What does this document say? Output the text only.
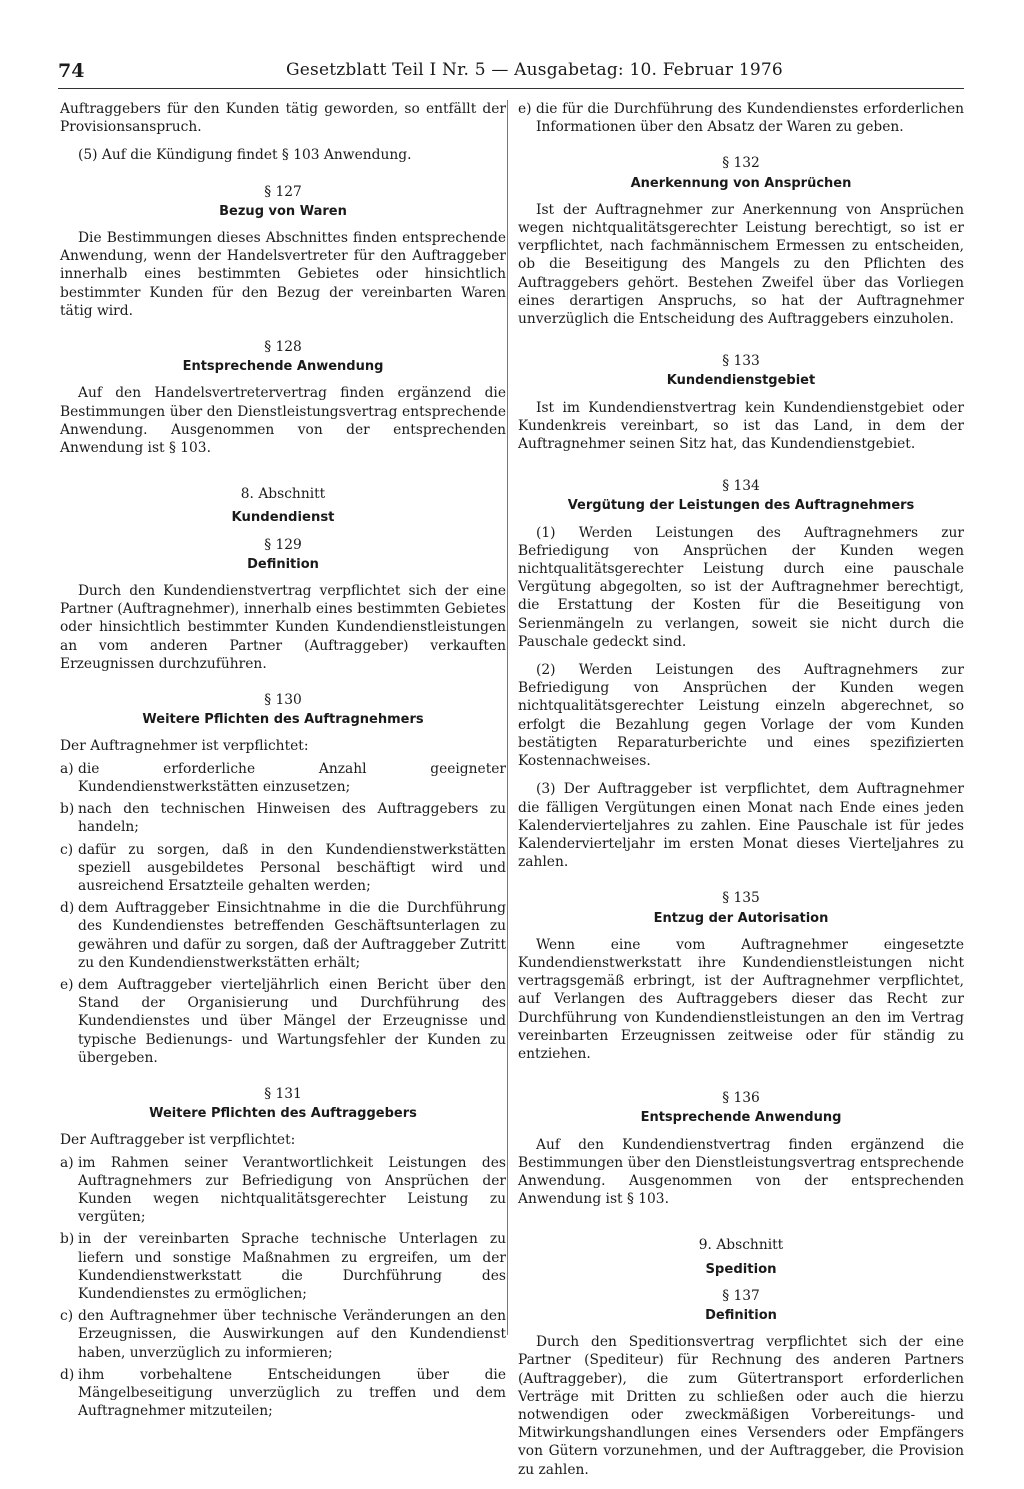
74	Gesetzblatt Teil I Nr. 5 — Ausgabetag: 10. Februar 1976

Auftraggebers für den Kunden tätig geworden, so entfällt der Provisionsanspruch.

(5) Auf die Kündigung findet § 103 Anwendung.

§ 127
Bezug von Waren

Die Bestimmungen dieses Abschnittes finden entsprechende Anwendung, wenn der Handelsvertreter für den Auftraggeber innerhalb eines bestimmten Gebietes oder hinsichtlich bestimmter Kunden für den Bezug der vereinbarten Waren tätig wird.

§ 128
Entsprechende Anwendung

Auf den Handelsvertretervertrag finden ergänzend die Bestimmungen über den Dienstleistungsvertrag entsprechende Anwendung. Ausgenommen von der entsprechenden Anwendung ist § 103.

8. Abschnitt
Kundendienst
§ 129
Definition

Durch den Kundendienstvertrag verpflichtet sich der eine Partner (Auftragnehmer), innerhalb eines bestimmten Gebietes oder hinsichtlich bestimmter Kunden Kundendienstleistungen an vom anderen Partner (Auftraggeber) verkauften Erzeugnissen durchzuführen.

§ 130
Weitere Pflichten des Auftragnehmers

Der Auftragnehmer ist verpflichtet:

a) die erforderliche Anzahl geeigneter Kundendienstwerkstätten einzusetzen;
b) nach den technischen Hinweisen des Auftraggebers zu handeln;
c) dafür zu sorgen, daß in den Kundendienstwerkstätten speziell ausgebildetes Personal beschäftigt wird und ausreichend Ersatzteile gehalten werden;
d) dem Auftraggeber Einsichtnahme in die die Durchführung des Kundendienstes betreffenden Geschäftsunterlagen zu gewähren und dafür zu sorgen, daß der Auftraggeber Zutritt zu den Kundendienstwerkstätten erhält;
e) dem Auftraggeber vierteljährlich einen Bericht über den Stand der Organisierung und Durchführung des Kundendienstes und über Mängel der Erzeugnisse und typische Bedienungs- und Wartungsfehler der Kunden zu übergeben.
§ 131
Weitere Pflichten des Auftraggebers

Der Auftraggeber ist verpflichtet:

a) im Rahmen seiner Verantwortlichkeit Leistungen des Auftragnehmers zur Befriedigung von Ansprüchen der Kunden wegen nichtqualitätsgerechter Leistung zu vergüten;
b) in der vereinbarten Sprache technische Unterlagen zu liefern und sonstige Maßnahmen zu ergreifen, um der Kundendienstwerkstatt die Durchführung des Kundendienstes zu ermöglichen;
c) den Auftragnehmer über technische Veränderungen an den Erzeugnissen, die Auswirkungen auf den Kundendienst haben, unverzüglich zu informieren;
d) ihm vorbehaltene Entscheidungen über die Mängelbeseitigung unverzüglich zu treffen und dem Auftragnehmer mitzuteilen;
e) die für die Durchführung des Kundendienstes erforderlichen Informationen über den Absatz der Waren zu geben.
§ 132
Anerkennung von Ansprüchen

Ist der Auftragnehmer zur Anerkennung von Ansprüchen wegen nichtqualitätsgerechter Leistung berechtigt, so ist er verpflichtet, nach fachmännischem Ermessen zu entscheiden, ob die Beseitigung des Mangels zu den Pflichten des Auftraggebers gehört. Bestehen Zweifel über das Vorliegen eines derartigen Anspruchs, so hat der Auftragnehmer unverzüglich die Entscheidung des Auftraggebers einzuholen.

§ 133
Kundendienstgebiet

Ist im Kundendienstvertrag kein Kundendienstgebiet oder Kundenkreis vereinbart, so ist das Land, in dem der Auftragnehmer seinen Sitz hat, das Kundendienstgebiet.

§ 134
Vergütung der Leistungen des Auftragnehmers

(1) Werden Leistungen des Auftragnehmers zur Befriedigung von Ansprüchen der Kunden wegen nichtqualitätsgerechter Leistung durch eine pauschale Vergütung abgegolten, so ist der Auftragnehmer berechtigt, die Erstattung der Kosten für die Beseitigung von Serienmängeln zu verlangen, soweit sie nicht durch die Pauschale gedeckt sind.

(2) Werden Leistungen des Auftragnehmers zur Befriedigung von Ansprüchen der Kunden wegen nichtqualitätsgerechter Leistung einzeln abgerechnet, so erfolgt die Bezahlung gegen Vorlage der vom Kunden bestätigten Reparaturberichte und eines spezifizierten Kostennachweises.

(3) Der Auftraggeber ist verpflichtet, dem Auftragnehmer die fälligen Vergütungen einen Monat nach Ende eines jeden Kalendervierteljahres zu zahlen. Eine Pauschale ist für jedes Kalendervierteljahr im ersten Monat dieses Vierteljahres zu zahlen.

§ 135
Entzug der Autorisation

Wenn eine vom Auftragnehmer eingesetzte Kundendienstwerkstatt ihre Kundendienstleistungen nicht vertragsgemäß erbringt, ist der Auftragnehmer verpflichtet, auf Verlangen des Auftraggebers dieser das Recht zur Durchführung von Kundendienstleistungen an den im Vertrag vereinbarten Erzeugnissen zeitweise oder für ständig zu entziehen.

§ 136
Entsprechende Anwendung

Auf den Kundendienstvertrag finden ergänzend die Bestimmungen über den Dienstleistungsvertrag entsprechende Anwendung. Ausgenommen von der entsprechenden Anwendung ist § 103.

9. Abschnitt
Spedition
§ 137
Definition

Durch den Speditionsvertrag verpflichtet sich der eine Partner (Spediteur) für Rechnung des anderen Partners (Auftraggeber), die zum Gütertransport erforderlichen Verträge mit Dritten zu schließen oder auch die hierzu notwendigen oder zweckmäßigen Vorbereitungs- und Mitwirkungshandlungen eines Versenders oder Empfängers von Gütern vorzunehmen, und der Auftraggeber, die Provision zu zahlen.
